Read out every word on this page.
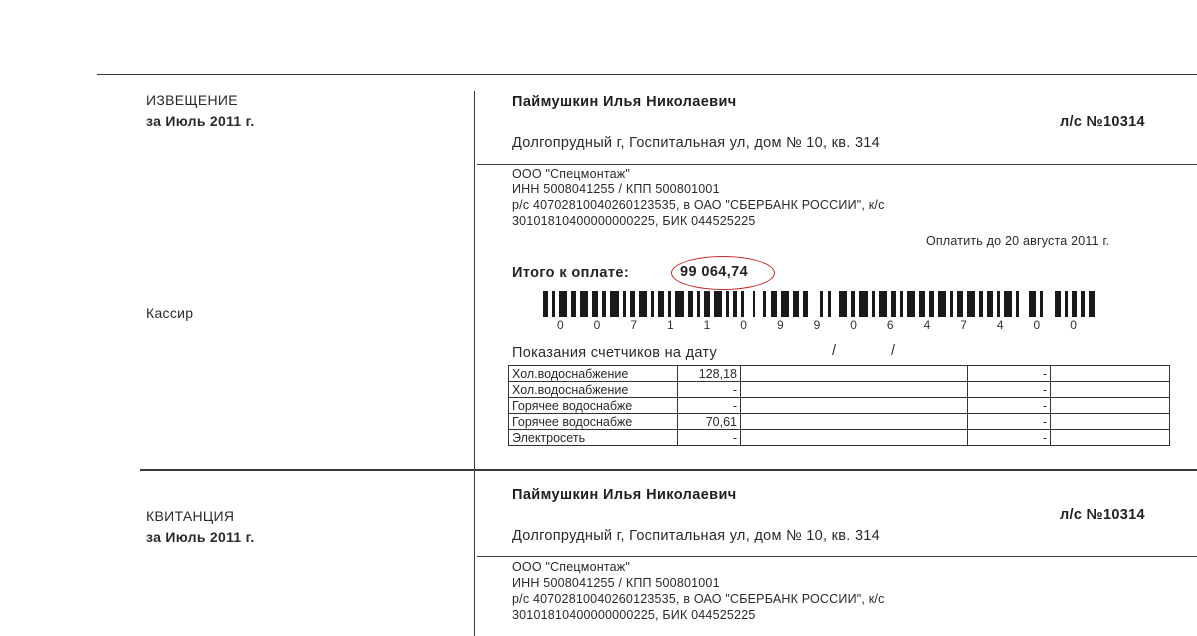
ИЗВЕЩЕНИЕ
за Июль 2011 г.
Кассир
Паймушкин Илья Николаевич
л/с №10314
Долгопрудный г, Госпитальная ул, дом № 10, кв. 314
ООО "Спецмонтаж"
ИНН 5008041255 / КПП 500801001
р/с 40702810040260123535, в ОАО "СБЕРБАНК РОССИИ", к/с
30101810400000000225, БИК 044525225
Оплатить до 20 августа 2011 г.
Итого к оплате:	99 064,74
0 0 7 1 1 0 9 9 0 6 4 7 4 0 0
Показания счетчиков на дату	/	/
Хол.водоснабжение	128,18		-	
Хол.водоснабжение	-		-	
Горячее водоснабже	-		-	
Горячее водоснабже	70,61		-	
Электросеть	-		-	
КВИТАНЦИЯ
за Июль 2011 г.
Паймушкин Илья Николаевич
л/с №10314
Долгопрудный г, Госпитальная ул, дом № 10, кв. 314
ООО "Спецмонтаж"
ИНН 5008041255 / КПП 500801001
р/с 40702810040260123535, в ОАО "СБЕРБАНК РОССИИ", к/с
30101810400000000225, БИК 044525225
